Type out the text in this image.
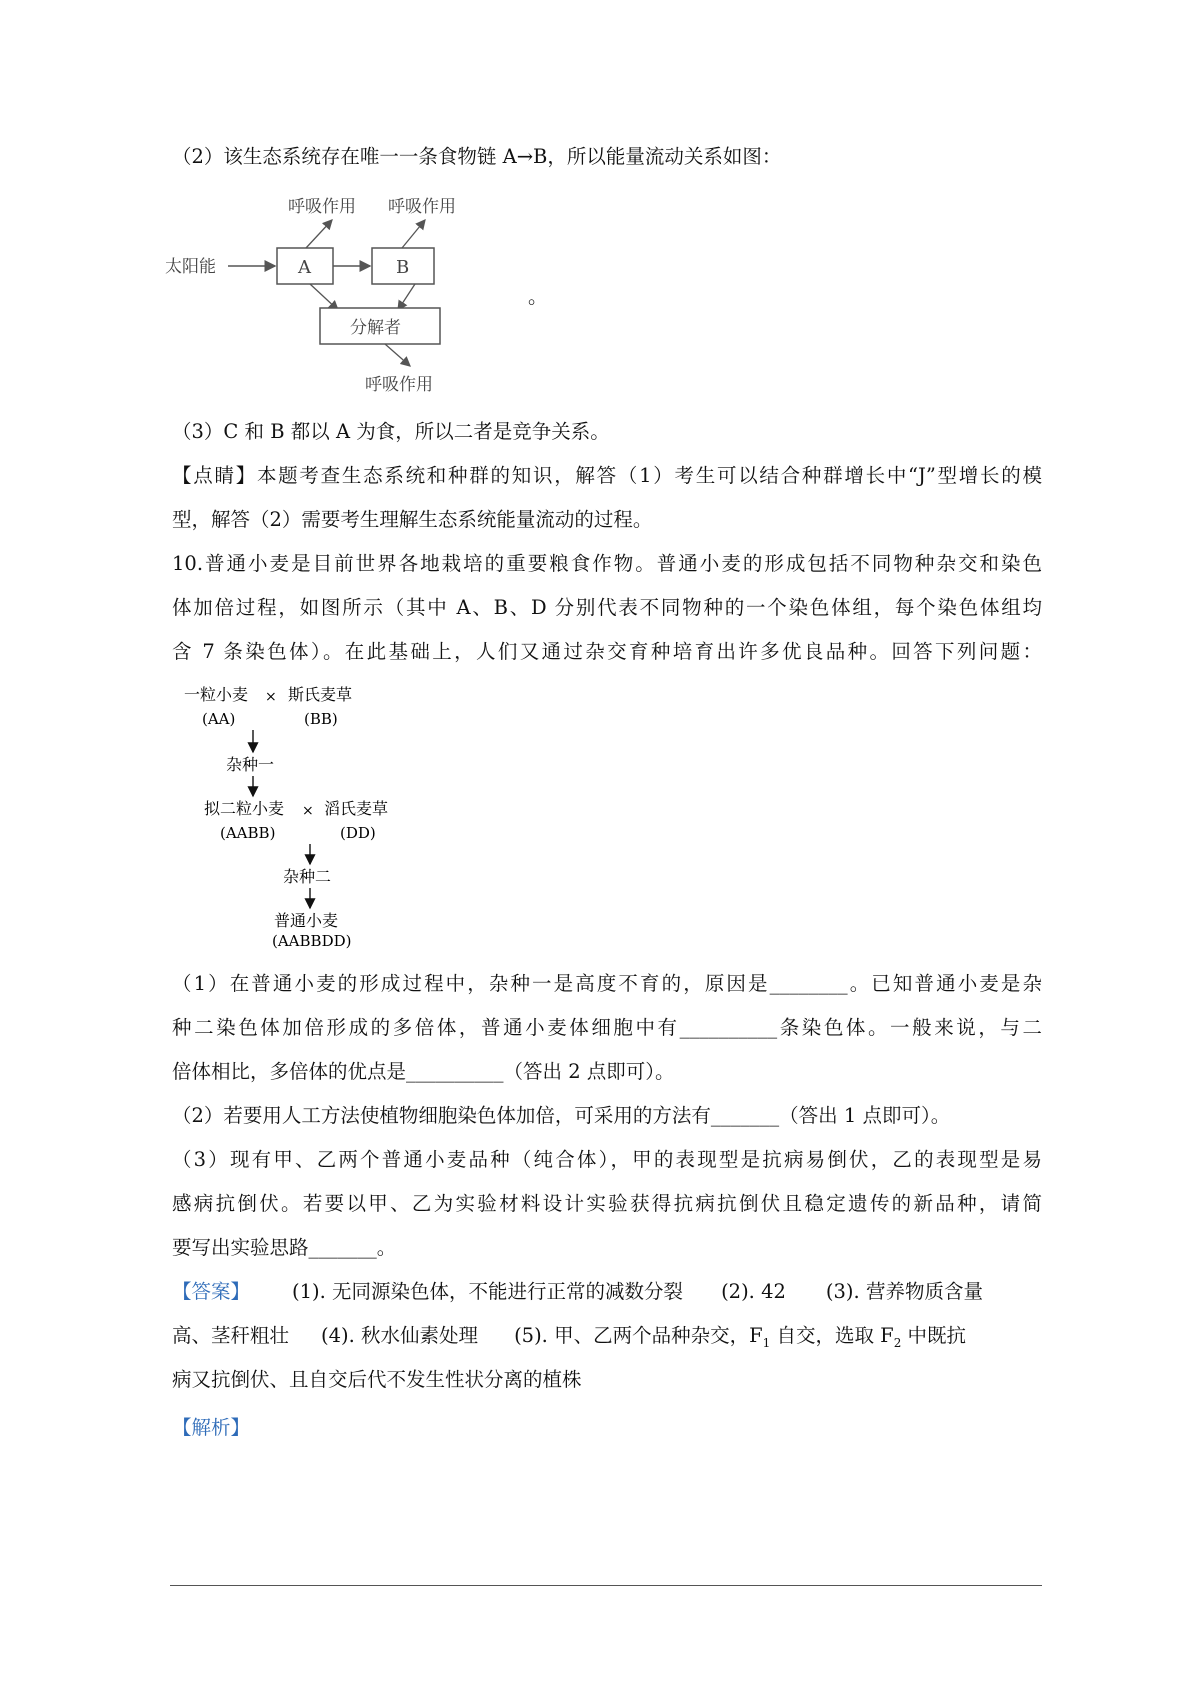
（2）该生态系统存在唯一一条食物链 A→B，所以能量流动关系如图：
呼吸作用 呼吸作用
太阳能	A	B
分解者
呼吸作用
。
（3）C 和 B 都以 A 为食，所以二者是竞争关系。
【点睛】本题考查生态系统和种群的知识，解答（1）考生可以结合种群增长中“J”型增长的模
型，解答（2）需要考生理解生态系统能量流动的过程。
10.普通小麦是目前世界各地栽培的重要粮食作物。普通小麦的形成包括不同物种杂交和染色
体加倍过程，如图所示（其中 A、B、D 分别代表不同物种的一个染色体组，每个染色体组均
含 7 条染色体）。在此基础上，人们又通过杂交育种培育出许多优良品种。回答下列问题：
一粒小麦 × 斯氏麦草
(AA)	(BB)
杂种一
拟二粒小麦 × 滔氏麦草
(AABB)	(DD)
杂种二
普通小麦
(AABBDD)
（1）在普通小麦的形成过程中，杂种一是高度不育的，原因是________。已知普通小麦是杂
种二染色体加倍形成的多倍体，普通小麦体细胞中有__________条染色体。一般来说，与二
倍体相比，多倍体的优点是__________（答出 2 点即可）。
（2）若要用人工方法使植物细胞染色体加倍，可采用的方法有_______（答出 1 点即可）。
（3）现有甲、乙两个普通小麦品种（纯合体），甲的表现型是抗病易倒伏，乙的表现型是易
感病抗倒伏。若要以甲、乙为实验材料设计实验获得抗病抗倒伏且稳定遗传的新品种，请简
要写出实验思路_______。
【答案】 (1). 无同源染色体，不能进行正常的减数分裂 (2). 42 (3). 营养物质含量
高、茎秆粗壮 (4). 秋水仙素处理 (5). 甲、乙两个品种杂交，$F_1$ 自交，选取 $F_2$ 中既抗
病又抗倒伏、且自交后代不发生性状分离的植株
【解析】
